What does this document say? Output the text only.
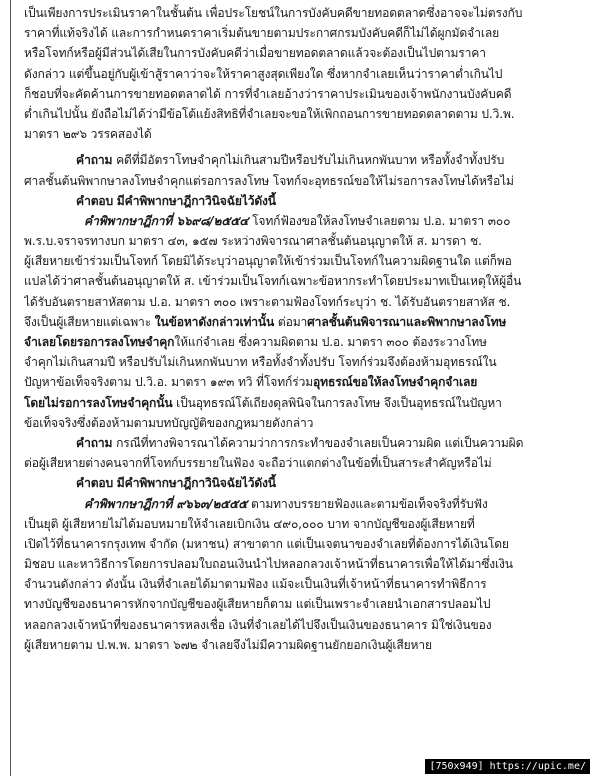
เป็นเพียงการประเมินราคาในชั้นต้น เพื่อประโยชน์ในการบังคับคดีขายทอดตลาดซึ่งอาจจะไม่ตรงกับ
ราคาที่แท้จริงได้ และการกำหนดราคาเริ่มต้นขายตามประกาศกรมบังคับคดีก็ไม่ได้ผูกมัดจำเลย
หรือโจทก์หรือผู้มีส่วนได้เสียในการบังคับคดีว่าเมื่อขายทอดตลาดแล้วจะต้องเป็นไปตามราคา
ดังกล่าว แต่ขึ้นอยู่กับผู้เข้าสู้ราคาว่าจะให้ราคาสูงสุดเพียงใด ซึ่งหากจำเลยเห็นว่าราคาต่ำเกินไป
ก็ชอบที่จะคัดค้านการขายทอดตลาดได้ การที่จำเลยอ้างว่าราคาประเมินของเจ้าพนักงานบังคับคดี
ต่ำเกินไปนั้น ยังถือไม่ได้ว่ามีข้อโต้แย้งสิทธิที่จำเลยจะขอให้เพิกถอนการขายทอดตลาดตาม ป.วิ.พ.
มาตรา ๒๙๖ วรรคสองได้
คำถาม คดีที่มีอัตราโทษจำคุกไม่เกินสามปีหรือปรับไม่เกินหกพันบาท หรือทั้งจำทั้งปรับ
ศาลชั้นต้นพิพากษาลงโทษจำคุกแต่รอการลงโทษ โจทก์จะอุทธรณ์ขอให้ไม่รอการลงโทษได้หรือไม่
คำตอบ มีคำพิพากษาฎีกาวินิจฉัยไว้ดังนี้
คำพิพากษาฎีกาที่ ๖๖๙๘/๒๕๕๔ โจทก์ฟ้องขอให้ลงโทษจำเลยตาม ป.อ. มาตรา ๓๐๐
พ.ร.บ.จราจรทางบก มาตรา ๔๓, ๑๕๗ ระหว่างพิจารณาศาลชั้นต้นอนุญาตให้ ส. มารดา ช.
ผู้เสียหายเข้าร่วมเป็นโจทก์ โดยมิได้ระบุว่าอนุญาตให้เข้าร่วมเป็นโจทก์ในความผิดฐานใด แต่ก็พอ
แปลได้ว่าศาลชั้นต้นอนุญาตให้ ส. เข้าร่วมเป็นโจทก์เฉพาะข้อหากระทำโดยประมาทเป็นเหตุให้ผู้อื่น
ได้รับอันตรายสาหัสตาม ป.อ. มาตรา ๓๐๐ เพราะตามฟ้องโจทก์ระบุว่า ช. ได้รับอันตรายสาหัส ช.
จึงเป็นผู้เสียหายแต่เฉพาะ ในข้อหาดังกล่าวเท่านั้น ต่อมาศาลชั้นต้นพิจารณาและพิพากษาลงโทษ
จำเลยโดยรอการลงโทษจำคุกให้แก่จำเลย ซึ่งความผิดตาม ป.อ. มาตรา ๓๐๐ ต้องระวางโทษ
จำคุกไม่เกินสามปี หรือปรับไม่เกินหกพันบาท หรือทั้งจำทั้งปรับ โจทก์ร่วมจึงต้องห้ามอุทธรณ์ใน
ปัญหาข้อเท็จจริงตาม ป.วิ.อ. มาตรา ๑๙๓ ทวิ ที่โจทก์ร่วมอุทธรณ์ขอให้ลงโทษจำคุกจำเลย
โดยไม่รอการลงโทษจำคุกนั้น เป็นอุทธรณ์โต้เถียงดุลพินิจในการลงโทษ จึงเป็นอุทธรณ์ในปัญหา
ข้อเท็จจริงซึ่งต้องห้ามตามบทบัญญัติของกฎหมายดังกล่าว
คำถาม กรณีที่ทางพิจารณาได้ความว่าการกระทำของจำเลยเป็นความผิด แต่เป็นความผิด
ต่อผู้เสียหายต่างคนจากที่โจทก์บรรยายในฟ้อง จะถือว่าแตกต่างในข้อที่เป็นสาระสำคัญหรือไม่
คำตอบ มีคำพิพากษาฎีกาวินิจฉัยไว้ดังนี้
คำพิพากษาฎีกาที่ ๙๖๖๓/๒๕๕๕ ตามทางบรรยายฟ้องและตามข้อเท็จจริงที่รับฟัง
เป็นยุติ ผู้เสียหายไม่ได้มอบหมายให้จำเลยเบิกเงิน ๔๙๐,๐๐๐ บาท จากบัญชีของผู้เสียหายที่
เปิดไว้ที่ธนาคารกรุงเทพ จำกัด (มหาชน) สาขาตาก แต่เป็นเจตนาของจำเลยที่ต้องการได้เงินโดย
มิชอบ และหาวิธีการโดยการปลอมใบถอนเงินนำไปหลอกลวงเจ้าหน้าที่ธนาคารเพื่อให้ได้มาซึ่งเงิน
จำนวนดังกล่าว ดังนั้น เงินที่จำเลยได้มาตามฟ้อง แม้จะเป็นเงินที่เจ้าหน้าที่ธนาคารทำพิธีการ
ทางบัญชีของธนาคารหักจากบัญชีของผู้เสียหายก็ตาม แต่เป็นเพราะจำเลยนำเอกสารปลอมไป
หลอกลวงเจ้าหน้าที่ของธนาคารหลงเชื่อ เงินที่จำเลยได้ไปจึงเป็นเงินของธนาคาร มิใช่เงินของ
ผู้เสียหายตาม ป.พ.พ. มาตรา ๖๗๒ จำเลยจึงไม่มีความผิดฐานยักยอกเงินผู้เสียหาย
[750x949] https://upic.me/
